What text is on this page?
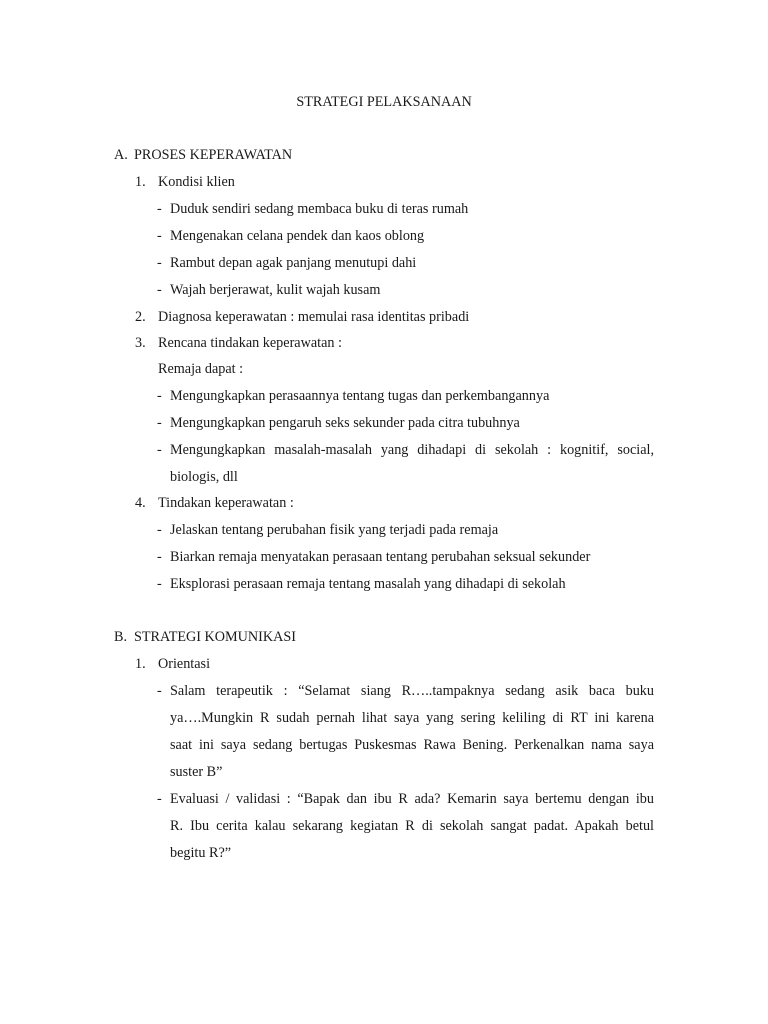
STRATEGI PELAKSANAAN
A. PROSES KEPERAWATAN
1. Kondisi klien
- Duduk sendiri sedang membaca buku di teras rumah
- Mengenakan celana pendek dan kaos oblong
- Rambut depan agak panjang menutupi dahi
- Wajah berjerawat, kulit wajah kusam
2. Diagnosa keperawatan : memulai rasa identitas pribadi
3. Rencana tindakan keperawatan :
Remaja dapat :
- Mengungkapkan perasaannya tentang tugas dan perkembangannya
- Mengungkapkan pengaruh seks sekunder pada citra tubuhnya
- Mengungkapkan masalah-masalah yang dihadapi di sekolah : kognitif, social,
biologis, dll
4. Tindakan keperawatan :
- Jelaskan tentang perubahan fisik yang terjadi pada remaja
- Biarkan remaja menyatakan perasaan tentang perubahan seksual sekunder
- Eksplorasi perasaan remaja tentang masalah yang dihadapi di sekolah
B. STRATEGI KOMUNIKASI
1. Orientasi
- Salam terapeutik : “Selamat siang R…..tampaknya sedang asik baca buku
ya….Mungkin R sudah pernah lihat saya yang sering keliling di RT ini karena
saat ini saya sedang bertugas Puskesmas Rawa Bening. Perkenalkan nama saya
suster B”
- Evaluasi / validasi : “Bapak dan ibu R ada? Kemarin saya bertemu dengan ibu
R. Ibu cerita kalau sekarang kegiatan R di sekolah sangat padat. Apakah betul
begitu R?”
